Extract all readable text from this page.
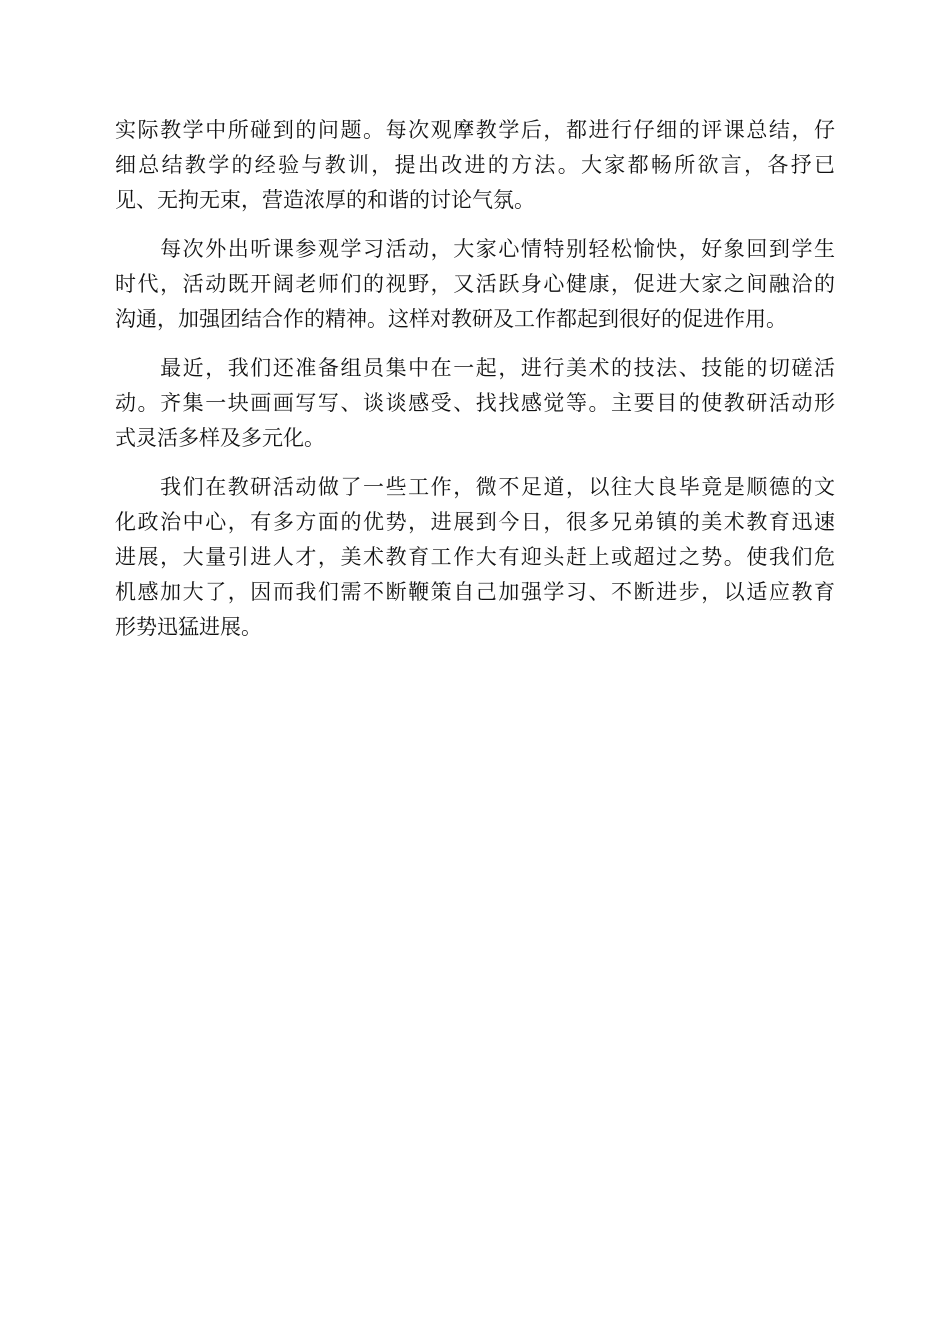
实际教学中所碰到的问题。每次观摩教学后，都进行仔细的评课总结，仔
细总结教学的经验与教训，提出改进的方法。大家都畅所欲言，各抒已
见、无拘无束，营造浓厚的和谐的讨论气氛。
　　每次外出听课参观学习活动，大家心情特别轻松愉快，好象回到学生
时代，活动既开阔老师们的视野，又活跃身心健康，促进大家之间融洽的
沟通，加强团结合作的精神。这样对教研及工作都起到很好的促进作用。
　　最近，我们还准备组员集中在一起，进行美术的技法、技能的切磋活
动。齐集一块画画写写、谈谈感受、找找感觉等。主要目的使教研活动形
式灵活多样及多元化。
　　我们在教研活动做了一些工作，微不足道，以往大良毕竟是顺德的文
化政治中心，有多方面的优势，进展到今日，很多兄弟镇的美术教育迅速
进展，大量引进人才，美术教育工作大有迎头赶上或超过之势。使我们危
机感加大了，因而我们需不断鞭策自己加强学习、不断进步，以适应教育
形势迅猛进展。
